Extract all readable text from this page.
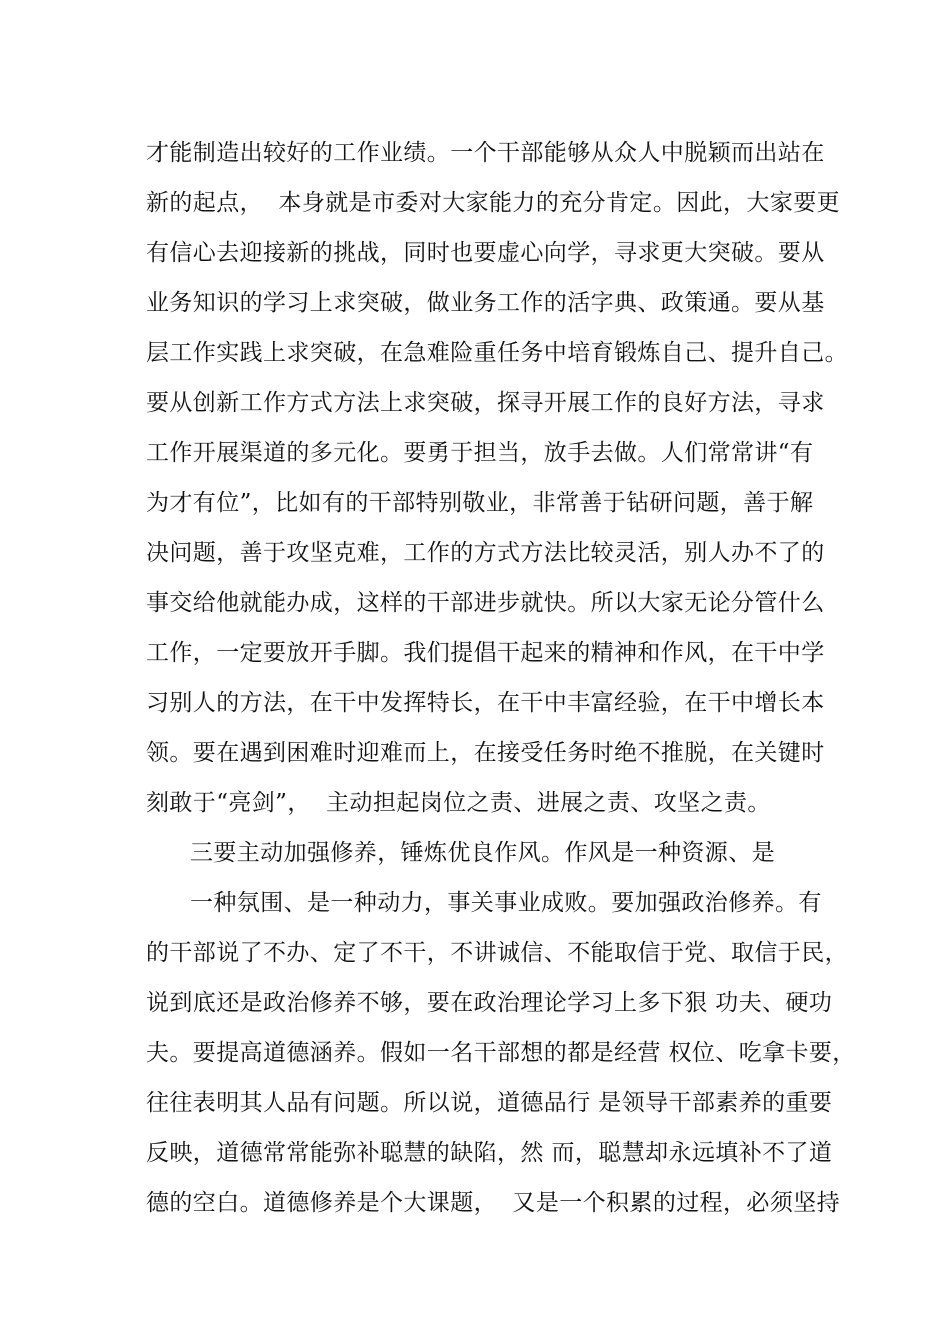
才能制造出较好的工作业绩。一个干部能够从众人中脱颖而出站在
新的起点，  本身就是市委对大家能力的充分肯定。因此，大家要更
有信心去迎接新的挑战，同时也要虚心向学，寻求更大突破。要从
业务知识的学习上求突破，做业务工作的活字典、政策通。要从基
层工作实践上求突破，在急难险重任务中培育锻炼自己、提升自己。
要从创新工作方式方法上求突破，探寻开展工作的良好方法，寻求
工作开展渠道的多元化。要勇于担当，放手去做。人们常常讲“有
为才有位”，比如有的干部特别敬业，非常善于钻研问题，善于解
决问题，善于攻坚克难，工作的方式方法比较灵活，别人办不了的
事交给他就能办成，这样的干部进步就快。所以大家无论分管什么
工作，一定要放开手脚。我们提倡干起来的精神和作风，在干中学
习别人的方法，在干中发挥特长，在干中丰富经验，在干中增长本
领。要在遇到困难时迎难而上，在接受任务时绝不推脱，在关键时
刻敢于“亮剑”，  主动担起岗位之责、进展之责、攻坚之责。
三要主动加强修养，锤炼优良作风。作风是一种资源、是
一种氛围、是一种动力，事关事业成败。要加强政治修养。有
的干部说了不办、定了不干，不讲诚信、不能取信于党、取信于民，
说到底还是政治修养不够，要在政治理论学习上多下狠 功夫、硬功
夫。要提高道德涵养。假如一名干部想的都是经营 权位、吃拿卡要，
往往表明其人品有问题。所以说，道德品行 是领导干部素养的重要
反映，道德常常能弥补聪慧的缺陷，然 而，聪慧却永远填补不了道
德的空白。道德修养是个大课题，  又是一个积累的过程，必须坚持
